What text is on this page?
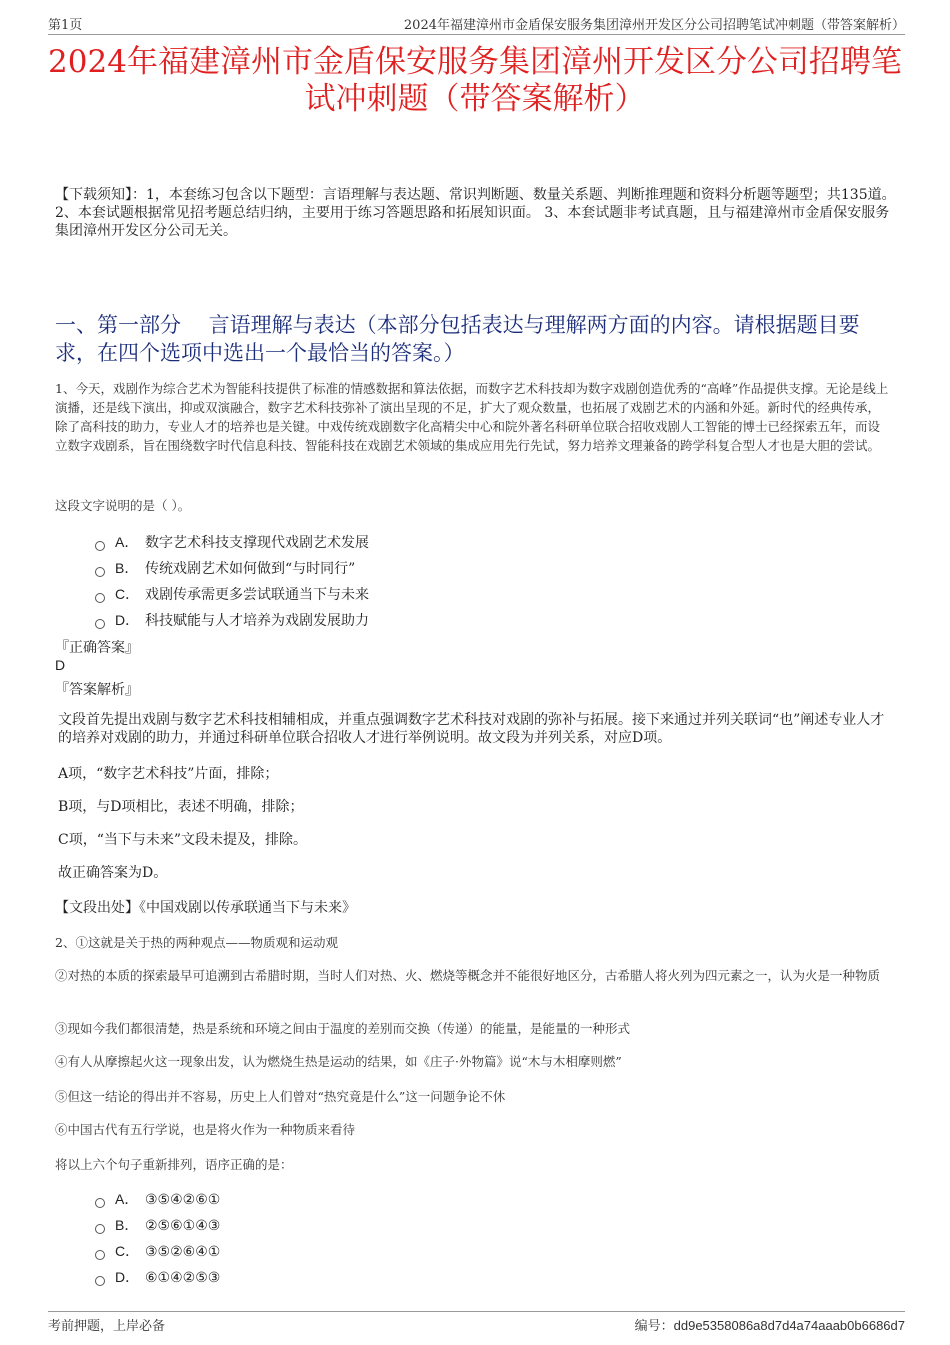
第1页	2024年福建漳州市金盾保安服务集团漳州开发区分公司招聘笔试冲刺题（带答案解析）
2024年福建漳州市金盾保安服务集团漳州开发区分公司招聘笔试冲刺题（带答案解析）
【下载须知】：1，本套练习包含以下题型：言语理解与表达题、常识判断题、数量关系题、判断推理题和资料分析题等题型；共135道。 2、本套试题根据常见招考题总结归纳，主要用于练习答题思路和拓展知识面。 3、本套试题非考试真题，且与福建漳州市金盾保安服务集团漳州开发区分公司无关。
一、第一部分　 言语理解与表达（本部分包括表达与理解两方面的内容。请根据题目要求，在四个选项中选出一个最恰当的答案。）
1、今天，戏剧作为综合艺术为智能科技提供了标准的情感数据和算法依据，而数字艺术科技却为数字戏剧创造优秀的“高峰”作品提供支撑。无论是线上演播，还是线下演出，抑或双演融合，数字艺术科技弥补了演出呈现的不足，扩大了观众数量，也拓展了戏剧艺术的内涵和外延。新时代的经典传承，除了高科技的助力，专业人才的培养也是关键。中戏传统戏剧数字化高精尖中心和院外著名科研单位联合招收戏剧人工智能的博士已经探索五年，而设立数字戏剧系，旨在围绕数字时代信息科技、智能科技在戏剧艺术领域的集成应用先行先试，努力培养文理兼备的跨学科复合型人才也是大胆的尝试。
这段文字说明的是（ ）。
A． 数字艺术科技支撑现代戏剧艺术发展
B． 传统戏剧艺术如何做到“与时同行”
C． 戏剧传承需更多尝试联通当下与未来
D． 科技赋能与人才培养为戏剧发展助力
『正确答案』
D
『答案解析』
文段首先提出戏剧与数字艺术科技相辅相成，并重点强调数字艺术科技对戏剧的弥补与拓展。接下来通过并列关联词“也”阐述专业人才的培养对戏剧的助力，并通过科研单位联合招收人才进行举例说明。故文段为并列关系，对应D项。
A项，“数字艺术科技”片面，排除；
B项，与D项相比，表述不明确，排除；
C项，“当下与未来”文段未提及，排除。
故正确答案为D。
【文段出处】《中国戏剧以传承联通当下与未来》
2、①这就是关于热的两种观点——物质观和运动观
②对热的本质的探索最早可追溯到古希腊时期，当时人们对热、火、燃烧等概念并不能很好地区分，古希腊人将火列为四元素之一，认为火是一种物质
③现如今我们都很清楚，热是系统和环境之间由于温度的差别而交换（传递）的能量，是能量的一种形式
④有人从摩擦起火这一现象出发，认为燃烧生热是运动的结果，如《庄子·外物篇》说“木与木相摩则燃”
⑤但这一结论的得出并不容易，历史上人们曾对“热究竟是什么”这一问题争论不休
⑥中国古代有五行学说，也是将火作为一种物质来看待
将以上六个句子重新排列，语序正确的是：
A． ③⑤④②⑥①
B． ②⑤⑥①④③
C． ③⑤②⑥④①
D． ⑥①④②⑤③
考前押题，上岸必备	编号：dd9e5358086a8d7d4a74aaab0b6686d7
